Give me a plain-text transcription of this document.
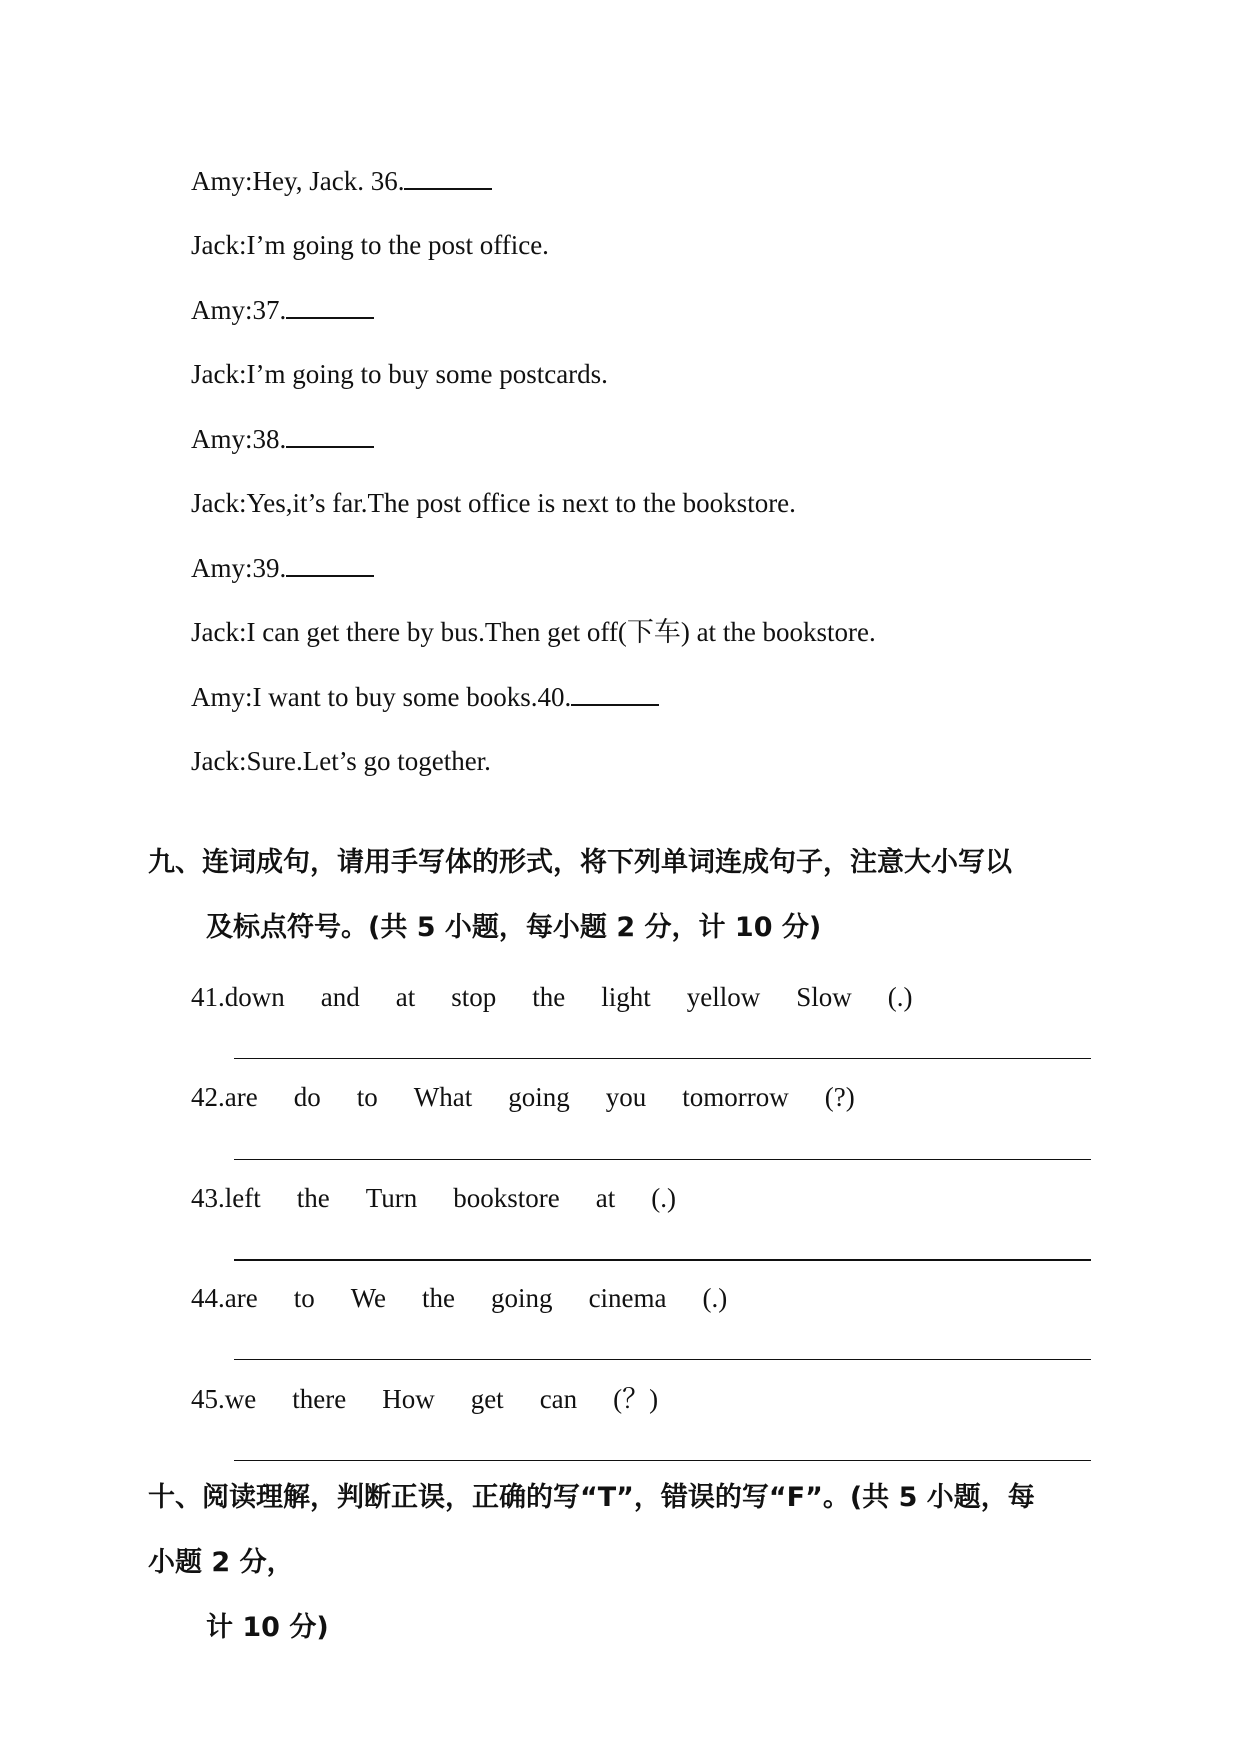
Amy:Hey, Jack. 36.
Jack:I’m going to the post office.
Amy:37.
Jack:I’m going to buy some postcards.
Amy:38.
Jack:Yes,it’s far.The post office is next to the bookstore.
Amy:39.
Jack:I can get there by bus.Then get off(下车) at the bookstore.
Amy:I want to buy some books.40.
Jack:Sure.Let’s go together.
九、连词成句，请用手写体的形式，将下列单词连成句子，注意大小写以
及标点符号。(共 5 小题，每小题 2 分，计 10 分)
41.down and at stop the light yellow Slow (.)
42.are do to What going you tomorrow (?)
43.left the Turn bookstore at (.)
44.are to We the going cinema (.)
45.we there How get can (？)
十、阅读理解，判断正误，正确的写“T”，错误的写“F”。(共 5 小题，每
小题 2 分，
计 10 分)
